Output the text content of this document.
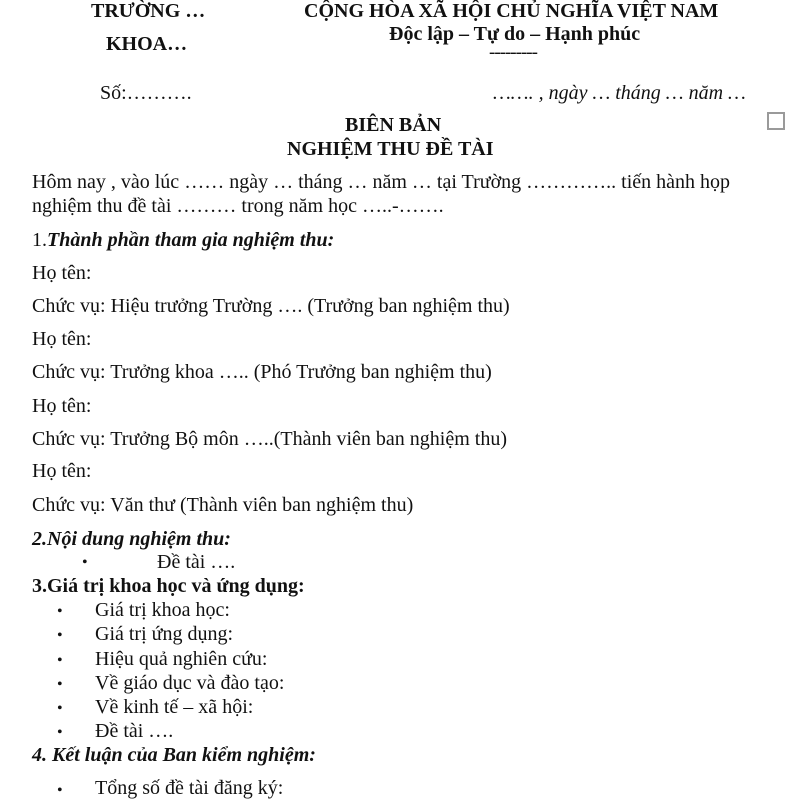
TRƯỜNG …
KHOA…
Số:……….
CỘNG HÒA XÃ HỘI CHỦ NGHĨA VIỆT NAM
Độc lập – Tự do – Hạnh phúc
---------
……. , ngày … tháng … năm …
BIÊN BẢN
NGHIỆM THU ĐỀ TÀI
Hôm nay , vào lúc …… ngày … tháng … năm … tại Trường ………….. tiến hành họp
nghiệm thu đề tài ……… trong năm học …..-…….
1.Thành phần tham gia nghiệm thu:
Họ tên:
Chức vụ: Hiệu trưởng Trường …. (Trưởng ban nghiệm thu)
Họ tên:
Chức vụ: Trưởng khoa ….. (Phó Trưởng ban nghiệm thu)
Họ tên:
Chức vụ: Trưởng Bộ môn …..(Thành viên ban nghiệm thu)
Họ tên:
Chức vụ: Văn thư (Thành viên ban nghiệm thu)
2.Nội dung nghiệm thu:
•	Đề tài ….
3.Giá trị khoa học và ứng dụng:
• Giá trị khoa học:
• Giá trị ứng dụng:
• Hiệu quả nghiên cứu:
• Về giáo dục và đào tạo:
• Về kinh tế – xã hội:
• Đề tài ….
4. Kết luận của Ban kiểm nghiệm:
• Tổng số đề tài đăng ký:
